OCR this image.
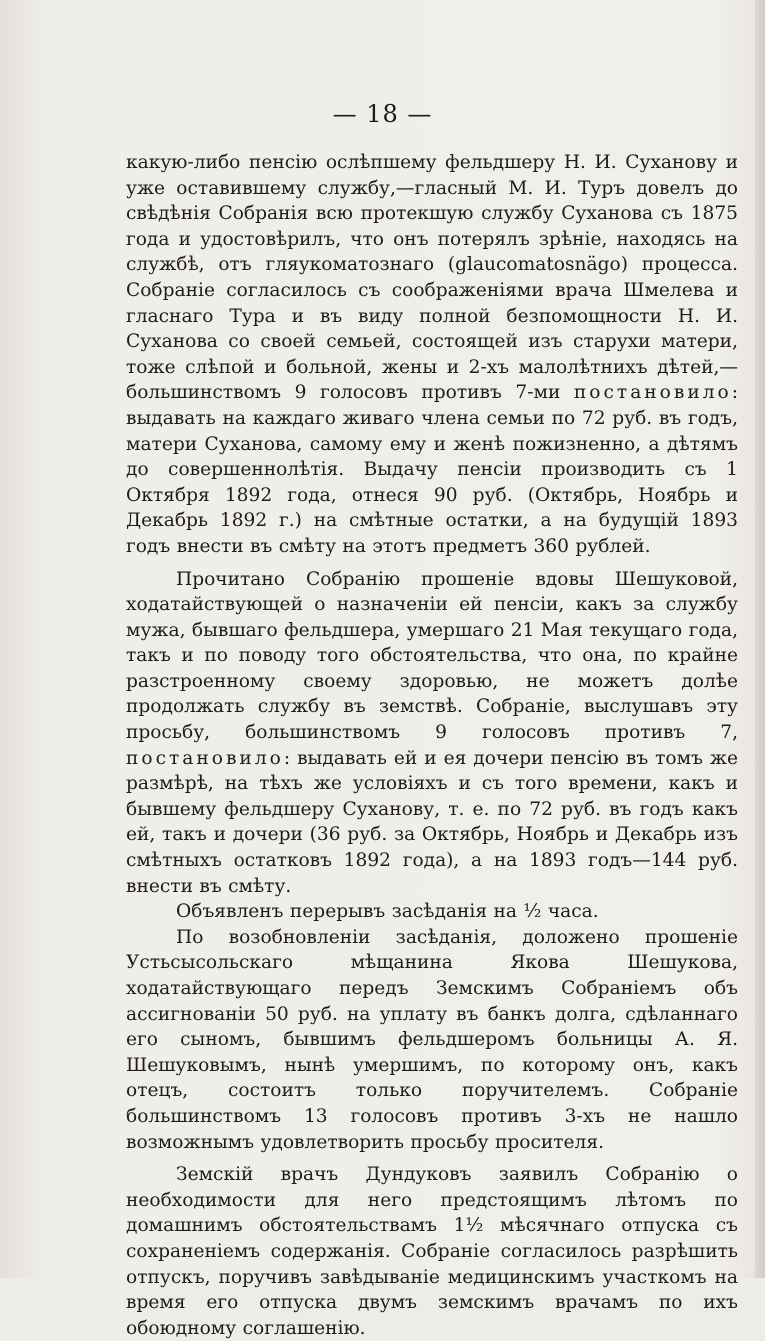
— 18 —

какую-либо пенсію ослѣпшему фельдшеру Н. И. Суханову и уже оставившему службу,—гласный М. И. Туръ довелъ до свѣдѣнія Собранія всю протекшую службу Суханова съ 1875 года и удостовѣрилъ, что онъ потерялъ зрѣніе, находясь на службѣ, отъ гляукоматознаго (glaucomatosnägo) процесса. Собраніе согласилось съ соображеніями врача Шмелева и гласнаго Тура и въ виду полной безпомощности Н. И. Суханова со своей семьей, состоящей изъ старухи матери, тоже слѣпой и больной, жены и 2-хъ малолѣтнихъ дѣтей,—большинствомъ 9 голосовъ противъ 7-ми постановило: выдавать на каждаго живаго члена семьи по 72 руб. въ годъ, матери Суханова, самому ему и женѣ пожизненно, а дѣтямъ до совершеннолѣтія. Выдачу пенсіи производить съ 1 Октября 1892 года, отнеся 90 руб. (Октябрь, Ноябрь и Декабрь 1892 г.) на смѣтные остатки, а на будущій 1893 годъ внести въ смѣту на этотъ предметъ 360 рублей.

Прочитано Собранію прошеніе вдовы Шешуковой, ходатайствующей о назначеніи ей пенсіи, какъ за службу мужа, бывшаго фельдшера, умершаго 21 Мая текущаго года, такъ и по поводу того обстоятельства, что она, по крайне разстроенному своему здоровью, не можетъ долѣе продолжать службу въ земствѣ. Собраніе, выслушавъ эту просьбу, большинствомъ 9 голосовъ противъ 7, постановило: выдавать ей и ея дочери пенсію въ томъ же размѣрѣ, на тѣхъ же условіяхъ и съ того времени, какъ и бывшему фельдшеру Суханову, т. е. по 72 руб. въ годъ какъ ей, такъ и дочери (36 руб. за Октябрь, Ноябрь и Декабрь изъ смѣтныхъ остатковъ 1892 года), а на 1893 годъ—144 руб. внести въ смѣту.

Объявленъ перерывъ засѣданія на ½ часа.

По возобновленіи засѣданія, доложено прошеніе Устьсысольскаго мѣщанина Якова Шешукова, ходатайствующаго передъ Земскимъ Собраніемъ объ ассигнованіи 50 руб. на уплату въ банкъ долга, сдѣланнаго его сыномъ, бывшимъ фельдшеромъ больницы А. Я. Шешуковымъ, нынѣ умершимъ, по которому онъ, какъ отецъ, состоитъ только поручителемъ. Собраніе большинствомъ 13 голосовъ противъ 3-хъ не нашло возможнымъ удовлетворить просьбу просителя.

Земскій врачъ Дундуковъ заявилъ Собранію о необходимости для него предстоящимъ лѣтомъ по домашнимъ обстоятельствамъ 1½ мѣсячнаго отпуска съ сохраненіемъ содержанія. Собраніе согласилось разрѣшить отпускъ, поручивъ завѣдываніе медицинскимъ участкомъ на время его отпуска двумъ земскимъ врачамъ по ихъ обоюдному соглашенію.
